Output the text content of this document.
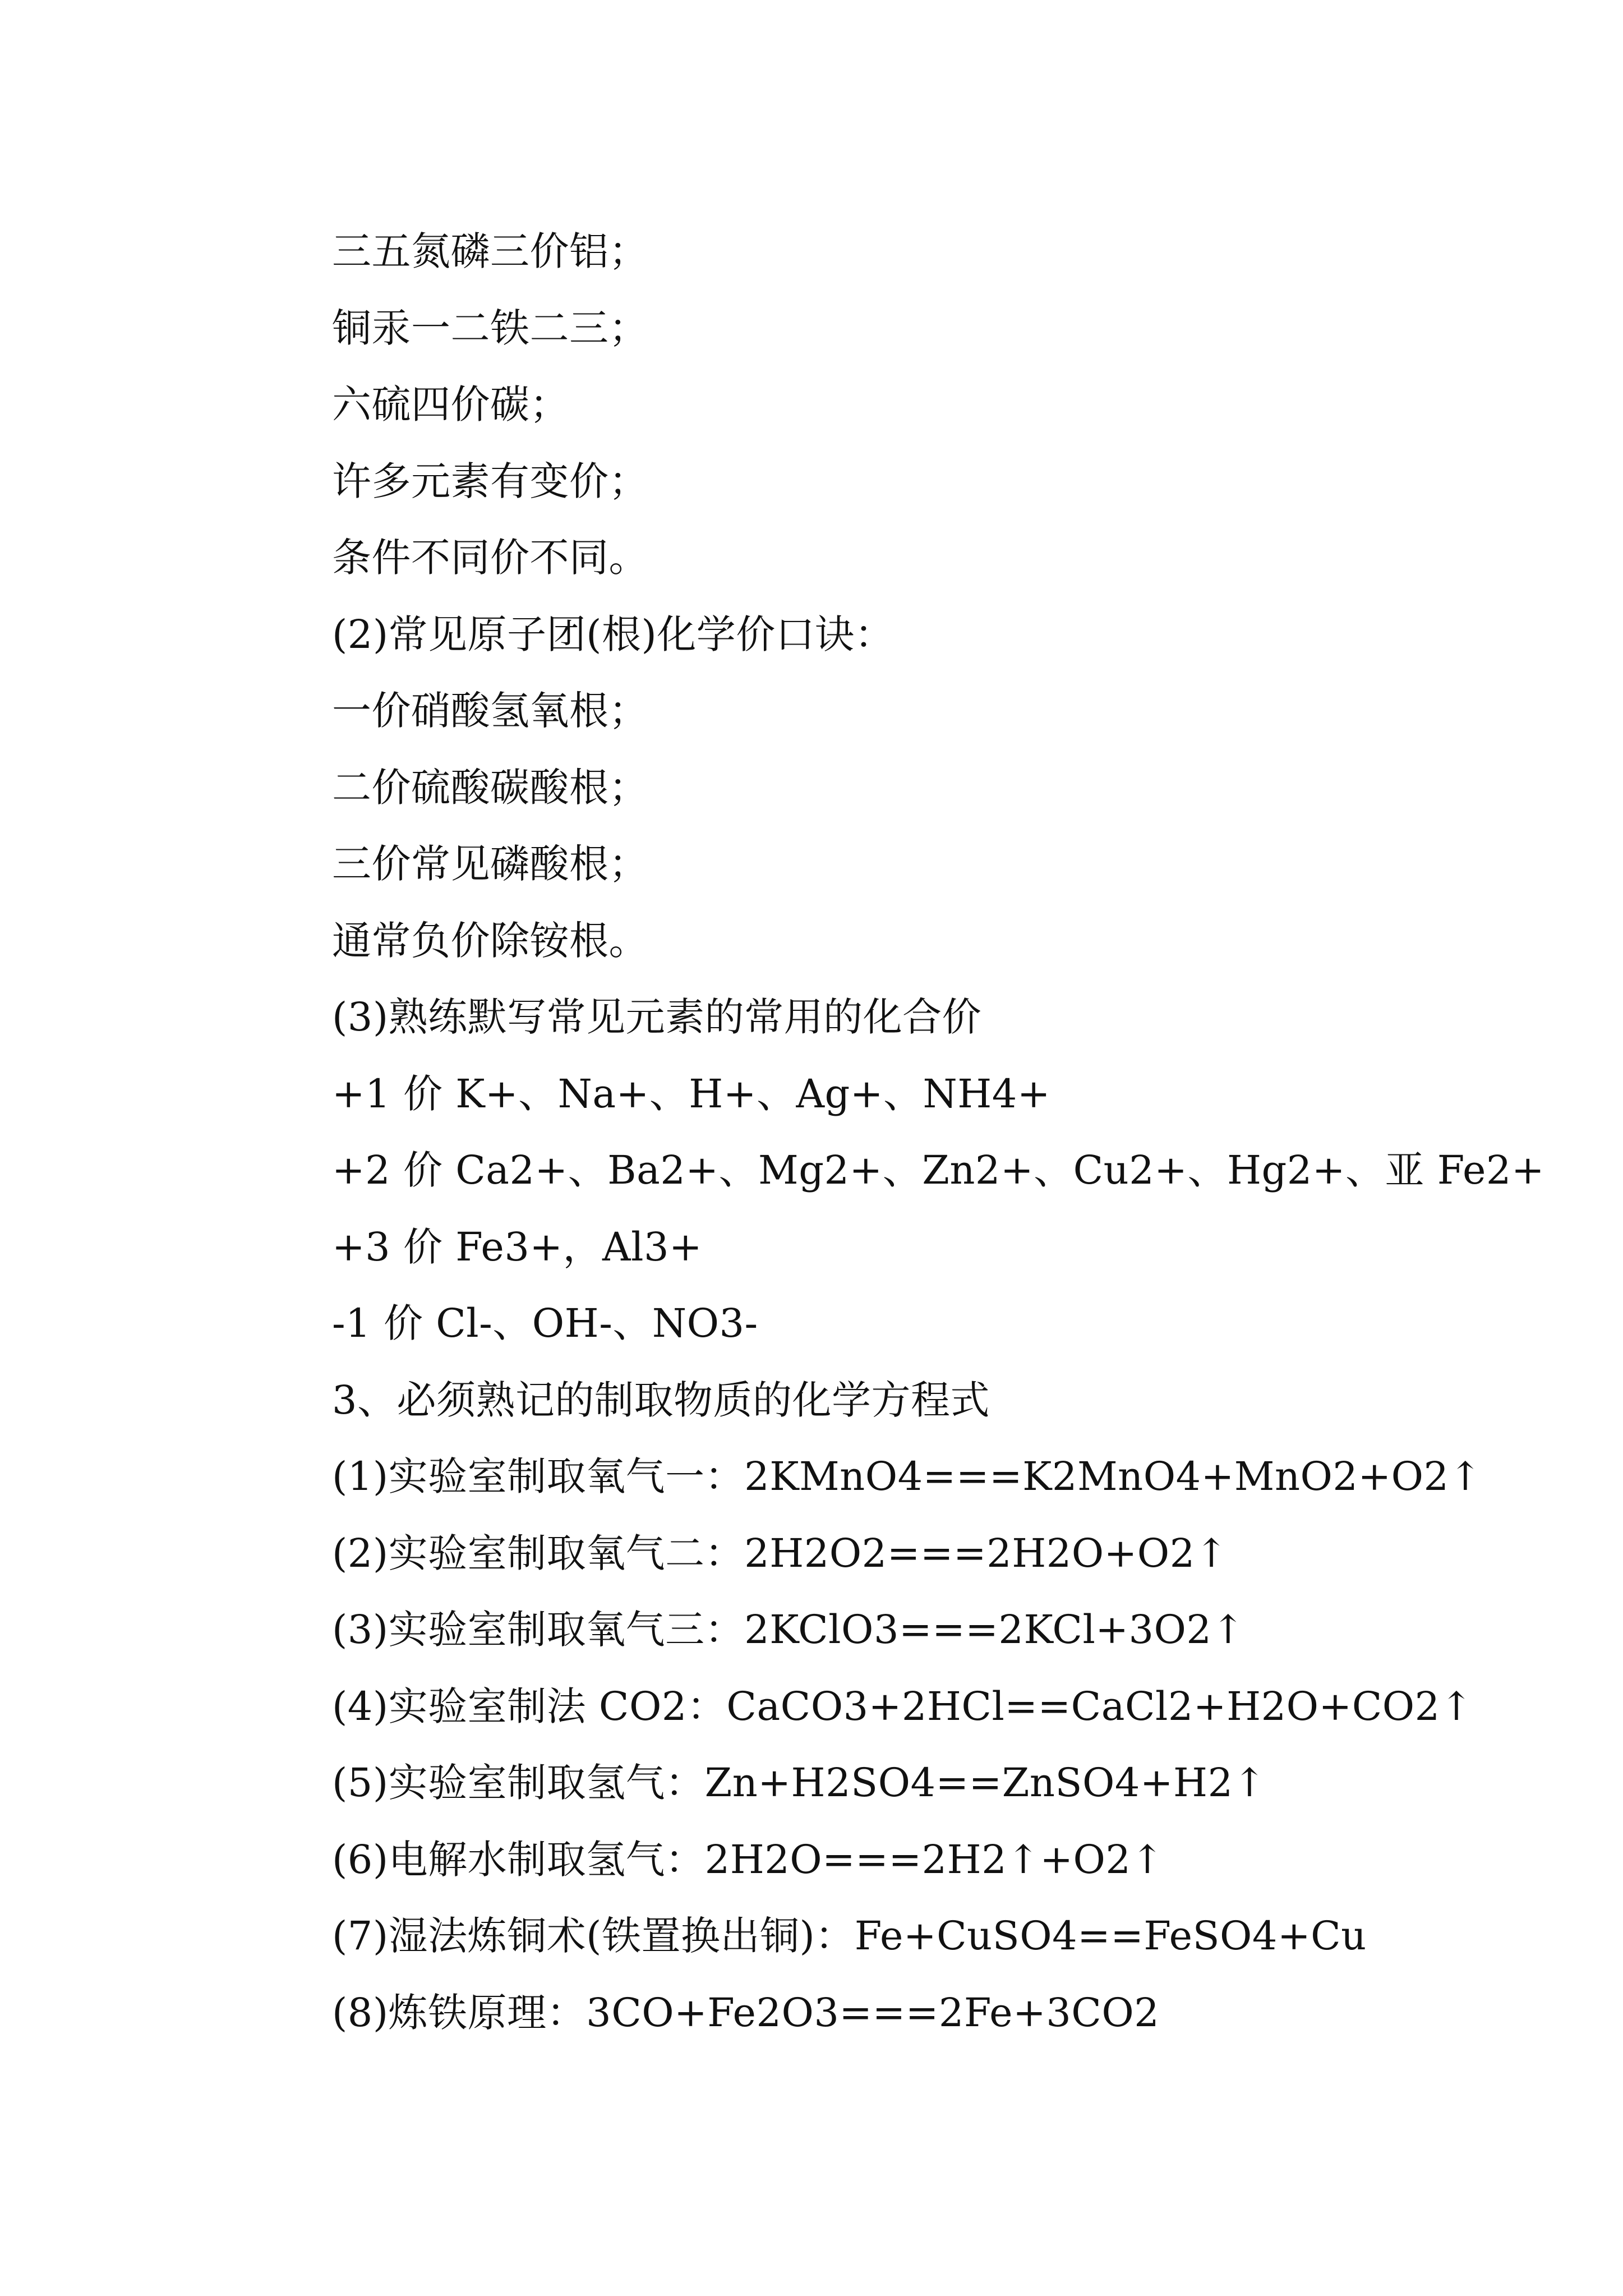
三五氮磷三价铝；
铜汞一二铁二三；
六硫四价碳；
许多元素有变价；
条件不同价不同。
(2)常见原子团(根)化学价口诀：
一价硝酸氢氧根；
二价硫酸碳酸根；
三价常见磷酸根；
通常负价除铵根。
(3)熟练默写常见元素的常用的化合价
+1 价 K+、Na+、H+、Ag+、NH4+
+2 价 Ca2+、Ba2+、Mg2+、Zn2+、Cu2+、Hg2+、亚 Fe2+
+3 价 Fe3+，Al3+
-1 价 Cl-、OH-、NO3-
3、必须熟记的制取物质的化学方程式
(1)实验室制取氧气一：2KMnO4===K2MnO4+MnO2+O2↑
(2)实验室制取氧气二：2H2O2===2H2O+O2↑
(3)实验室制取氧气三：2KClO3===2KCl+3O2↑
(4)实验室制法 CO2：CaCO3+2HCl==CaCl2+H2O+CO2↑
(5)实验室制取氢气：Zn+H2SO4==ZnSO4+H2↑
(6)电解水制取氢气：2H2O===2H2↑+O2↑
(7)湿法炼铜术(铁置换出铜)：Fe+CuSO4==FeSO4+Cu
(8)炼铁原理：3CO+Fe2O3===2Fe+3CO2
